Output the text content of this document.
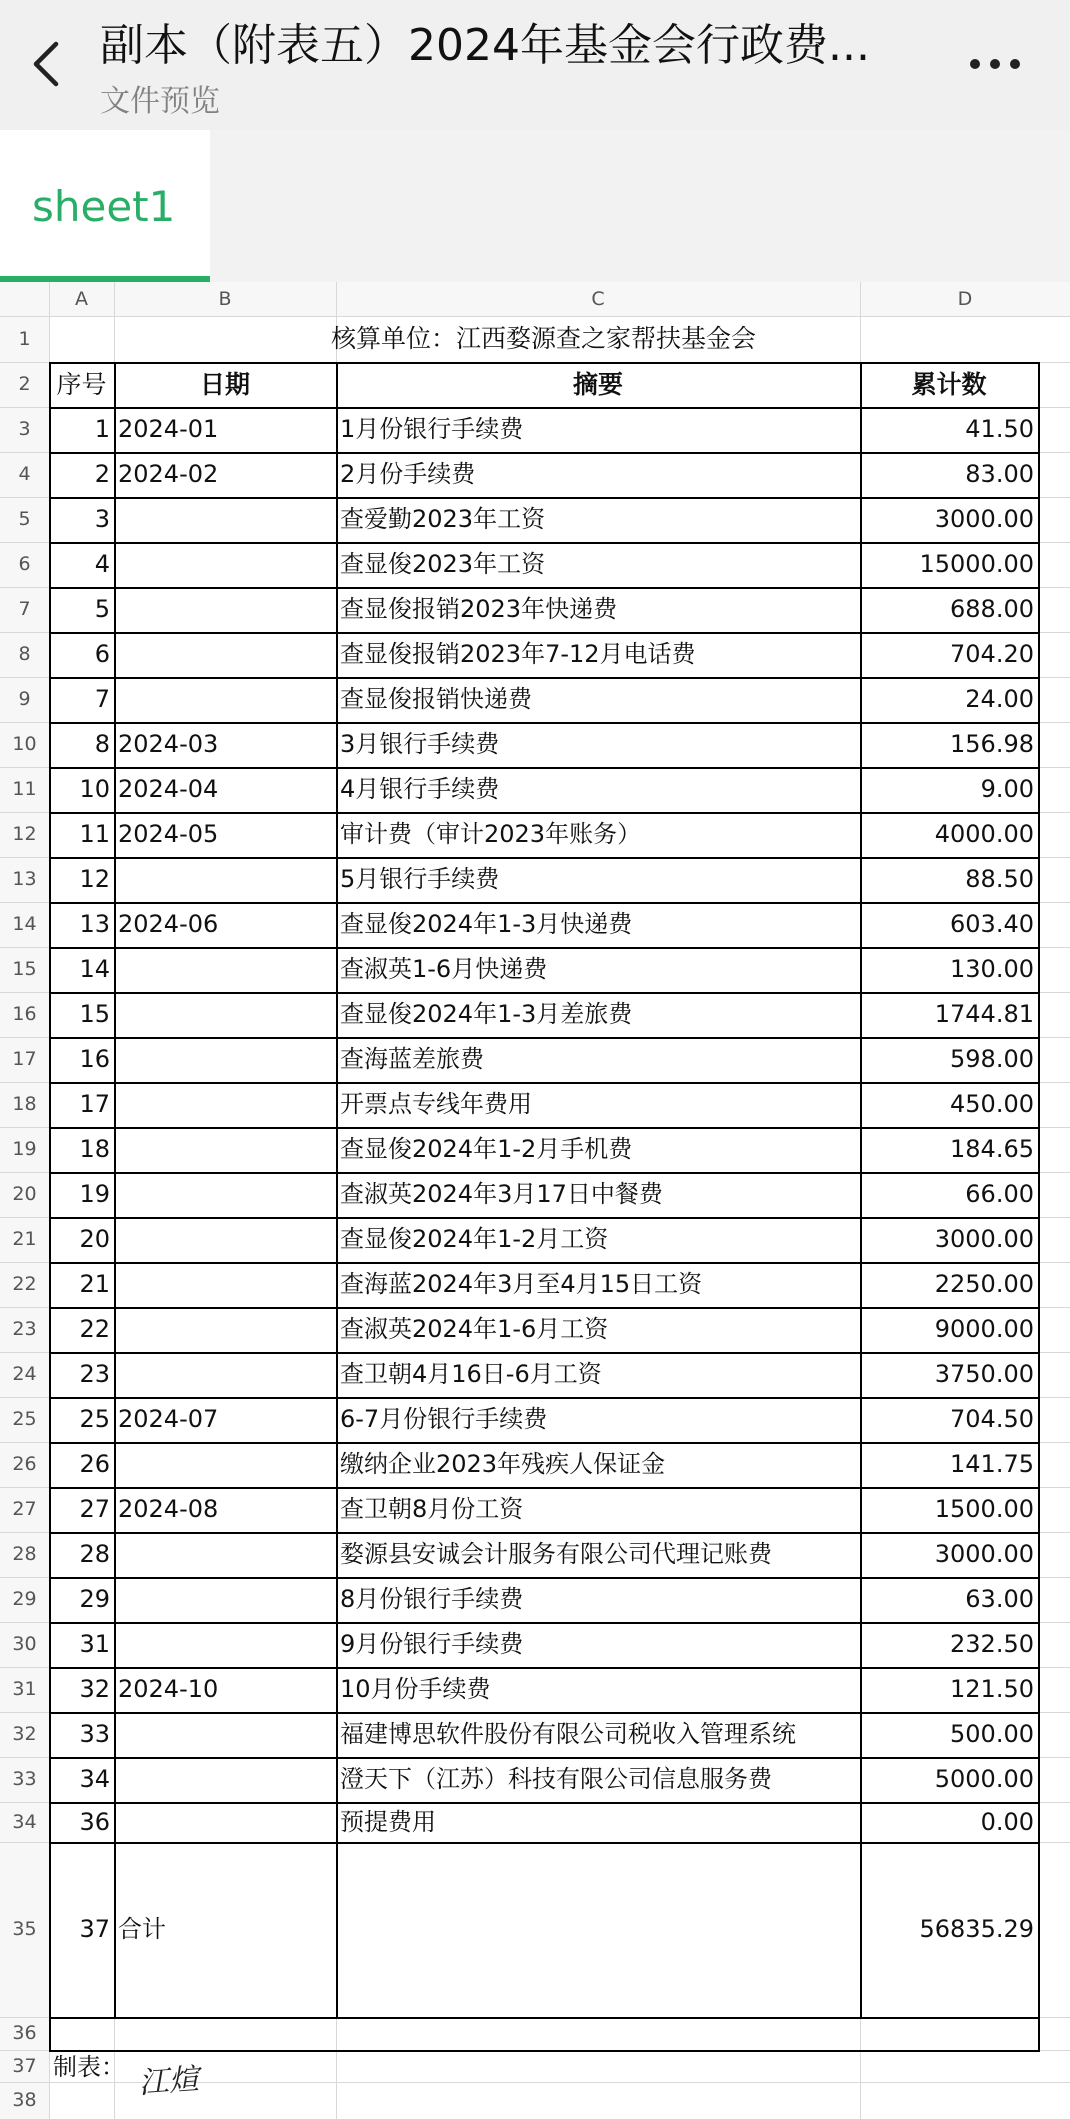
副本（附表五）2024年基金会行政费...
文件预览
sheet1
A	B	C	D
1
2
3
4
5
6
7
8
9
10
11
12
13
14
15
16
17
18
19
20
21
22
23
24
25
26
27
28
29
30
31
32
33
34
35
36
37
38
核算单位：江西婺源查之家帮扶基金会
序号	日期	摘要	累计数
1 2024-01	1月份银行手续费	41.50
2 2024-02	2月份手续费	83.00
3	查爱勤2023年工资	3000.00
4	查显俊2023年工资	15000.00
5	查显俊报销2023年快递费	688.00
6	查显俊报销2023年7-12月电话费	704.20
7	查显俊报销快递费	24.00
8 2024-03	3月银行手续费	156.98
10 2024-04	4月银行手续费	9.00
11 2024-05	审计费（审计2023年账务）	4000.00
12	5月银行手续费	88.50
13 2024-06	查显俊2024年1-3月快递费	603.40
14	查淑英1-6月快递费	130.00
15	查显俊2024年1-3月差旅费	1744.81
16	查海蓝差旅费	598.00
17	开票点专线年费用	450.00
18	查显俊2024年1-2月手机费	184.65
19	查淑英2024年3月17日中餐费	66.00
20	查显俊2024年1-2月工资	3000.00
21	查海蓝2024年3月至4月15日工资	2250.00
22	查淑英2024年1-6月工资	9000.00
23	查卫朝4月16日-6月工资	3750.00
25 2024-07	6-7月份银行手续费	704.50
26	缴纳企业2023年残疾人保证金	141.75
27 2024-08	查卫朝8月份工资	1500.00
28	婺源县安诚会计服务有限公司代理记账费	3000.00
29	8月份银行手续费	63.00
31	9月份银行手续费	232.50
32 2024-10	10月份手续费	121.50
33	福建博思软件股份有限公司税收入管理系统	500.00
34	澄天下（江苏）科技有限公司信息服务费	5000.00
36	预提费用	0.00
37 合计	56835.29
制表： 江煊
